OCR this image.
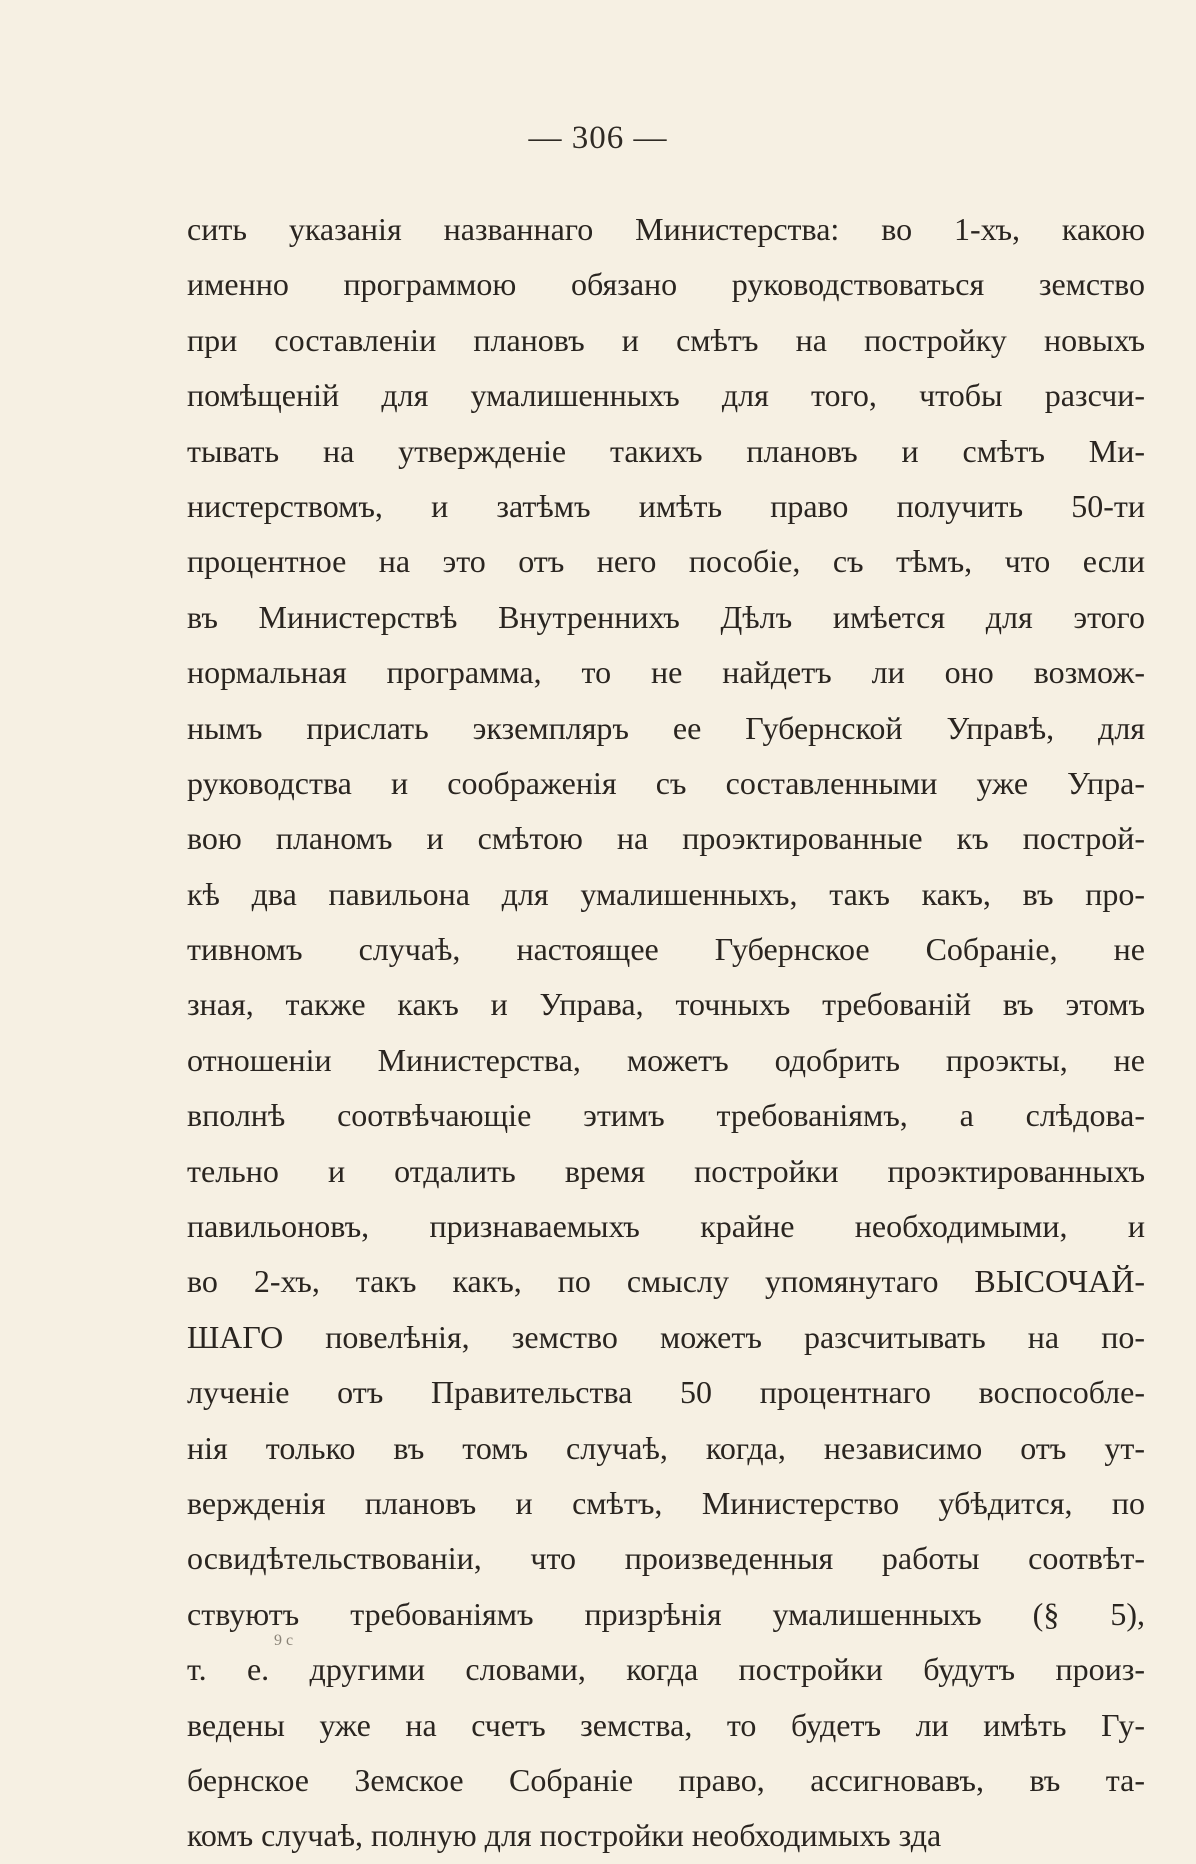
— 306 —
сить указанія названнаго Министерства: во 1-хъ, какою
именно программою обязано руководствоваться земство
при составленіи плановъ и смѣтъ на постройку новыхъ
помѣщеній для умалишенныхъ для того, чтобы разсчи-
тывать на утвержденіе такихъ плановъ и смѣтъ Ми-
нистерствомъ, и затѣмъ имѣть право получить 50-ти
процентное на это отъ него пособіе, съ тѣмъ, что если
въ Министерствѣ Внутреннихъ Дѣлъ имѣется для этого
нормальная программа, то не найдетъ ли оно возмож-
нымъ прислать экземпляръ ее Губернской Управѣ, для
руководства и соображенія съ составленными уже Упра-
вою планомъ и смѣтою на проэктированные къ построй-
кѣ два павильона для умалишенныхъ, такъ какъ, въ про-
тивномъ случаѣ, настоящее Губернское Собраніе, не
зная, также какъ и Управа, точныхъ требованій въ этомъ
отношеніи Министерства, можетъ одобрить проэкты, не
вполнѣ соотвѣчающіе этимъ требованіямъ, а слѣдова-
тельно и отдалить время постройки проэктированныхъ
павильоновъ, признаваемыхъ крайне необходимыми, и
во 2-хъ, такъ какъ, по смыслу упомянутаго ВЫСОЧАЙ-
ШАГО повелѣнія, земство можетъ разсчитывать на по-
лученіе отъ Правительства 50 процентнаго воспособле-
нія только въ томъ случаѣ, когда, независимо отъ ут-
вержденія плановъ и смѣтъ, Министерство убѣдится, по
освидѣтельствованіи, что произведенныя работы соотвѣт-
ствуютъ требованіямъ призрѣнія умалишенныхъ (§ 5),
т. е. другими словами, когда постройки будутъ произ-
ведены уже на счетъ земства, то будетъ ли имѣть Гу-
бернское Земское Собраніе право, ассигновавъ, въ та-
комъ случаѣ, полную для постройки необходимыхъ зда
9 с
